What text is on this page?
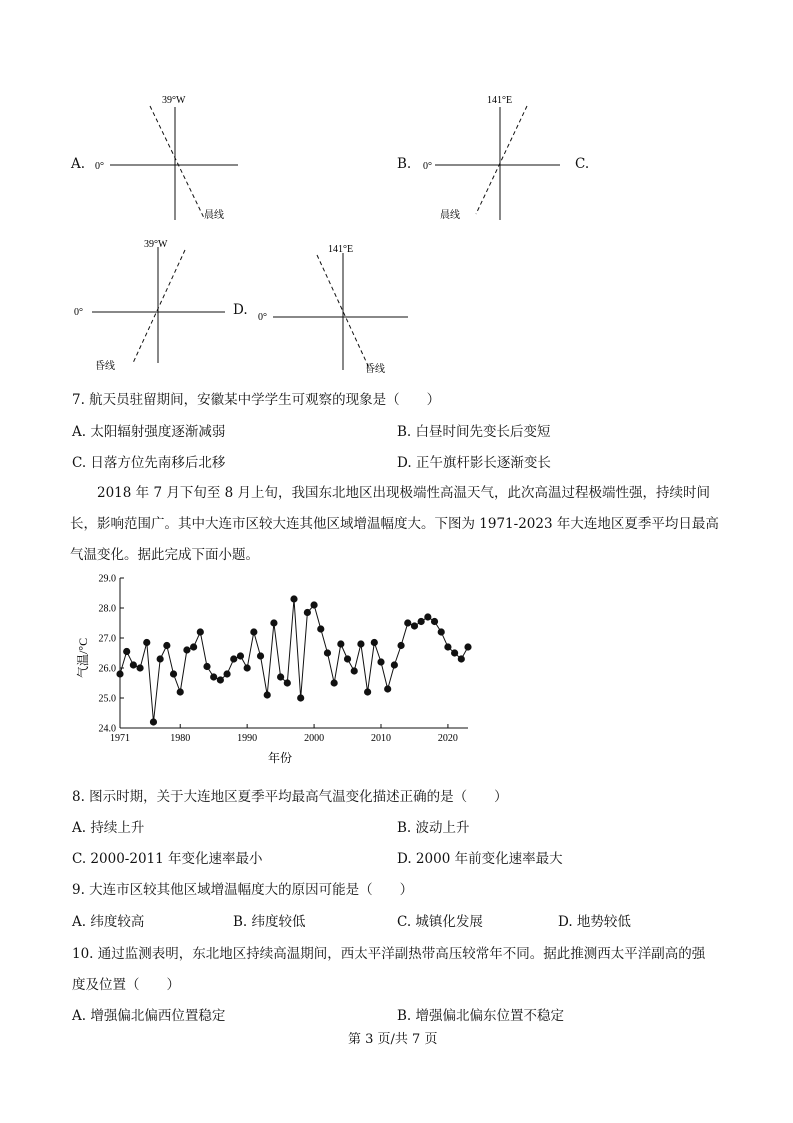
A.
39°W
0°
晨线
B.
141°E
0°
晨线
C.
39°W
0°
昏线
D.
141°E
0°
昏线
7. 航天员驻留期间，安徽某中学学生可观察的现象是（　　）
A. 太阳辐射强度逐渐减弱	B. 白昼时间先变长后变短
C. 日落方位先南移后北移	D. 正午旗杆影长逐渐变长
2018 年 7 月下旬至 8 月上旬，我国东北地区出现极端性高温天气，此次高温过程极端性强，持续时间长，影响范围广。其中大连市区较大连其他区域增温幅度大。下图为 1971-2023 年大连地区夏季平均日最高气温变化。据此完成下面小题。
24.0
25.0
26.0
27.0
28.0
29.0
1971	1980	1990	2000	2010	2020
年份
气温/°C
8. 图示时期，关于大连地区夏季平均最高气温变化描述正确的是（　　）
A. 持续上升	B. 波动上升
C. 2000-2011 年变化速率最小	D. 2000 年前变化速率最大
9. 大连市区较其他区域增温幅度大的原因可能是（　　）
A. 纬度较高	B. 纬度较低	C. 城镇化发展	D. 地势较低
10. 通过监测表明，东北地区持续高温期间，西太平洋副热带高压较常年不同。据此推测西太平洋副高的强
度及位置（　　）
A. 增强偏北偏西位置稳定	B. 增强偏北偏东位置不稳定
第 3 页/共 7 页
